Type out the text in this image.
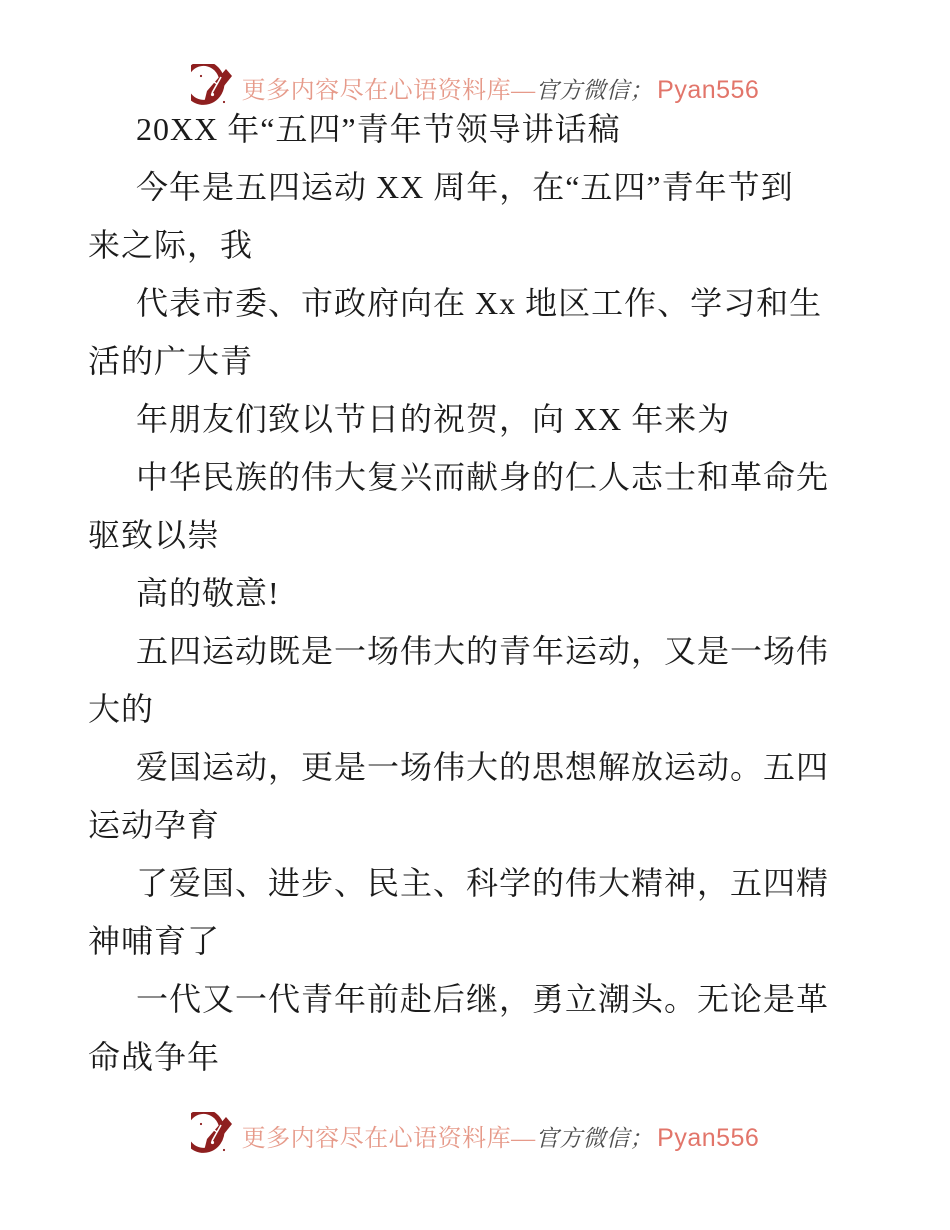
更多内容尽在心语资料库—官方微信； Pyan556
20XX 年“五四”青年节领导讲话稿
今年是五四运动 XX 周年，在“五四”青年节到
来之际，我
代表市委、市政府向在 Xx 地区工作、学习和生
活的广大青
年朋友们致以节日的祝贺，向 XX 年来为
中华民族的伟大复兴而献身的仁人志士和革命先
驱致以崇
高的敬意!
五四运动既是一场伟大的青年运动，又是一场伟
大的
爱国运动，更是一场伟大的思想解放运动。五四
运动孕育
了爱国、进步、民主、科学的伟大精神，五四精
神哺育了
一代又一代青年前赴后继，勇立潮头。无论是革
命战争年
更多内容尽在心语资料库—官方微信； Pyan556
